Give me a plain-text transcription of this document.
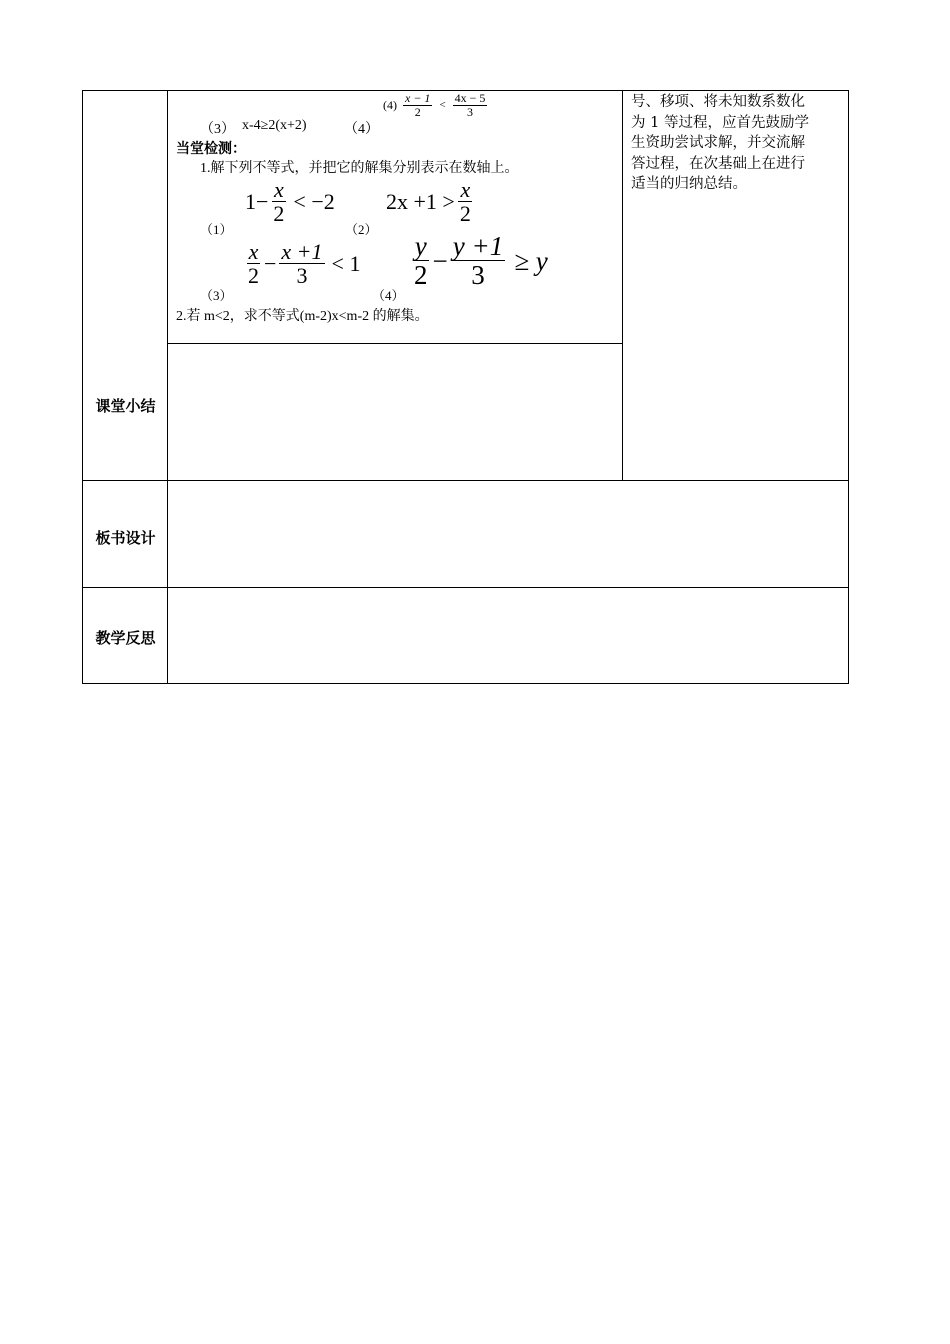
课堂小结
板书设计
教学反思
（3） x-4≥2(x+2)	（4）
$(4) \frac{x - 1}{2} < \frac{4x - 5}{3}$
当堂检测：
1.解下列不等式，并把它的解集分别表示在数轴上。
（1）
$1- \frac{x}{2} < -2$
（2）
$2x +1 > \frac{x}{2}$
（3）
$\frac{x}{2} - \frac{x +1}{3} < 1$
（4）
$\frac{y}{2} - \frac{y +1}{3} \ge y$
2.若 m<2，求不等式(m-2)x<m-2 的解集。
号、移项、将未知数系数化
为 1 等过程，应首先鼓励学
生资助尝试求解，并交流解
答过程，在次基础上在进行
适当的归纳总结。
